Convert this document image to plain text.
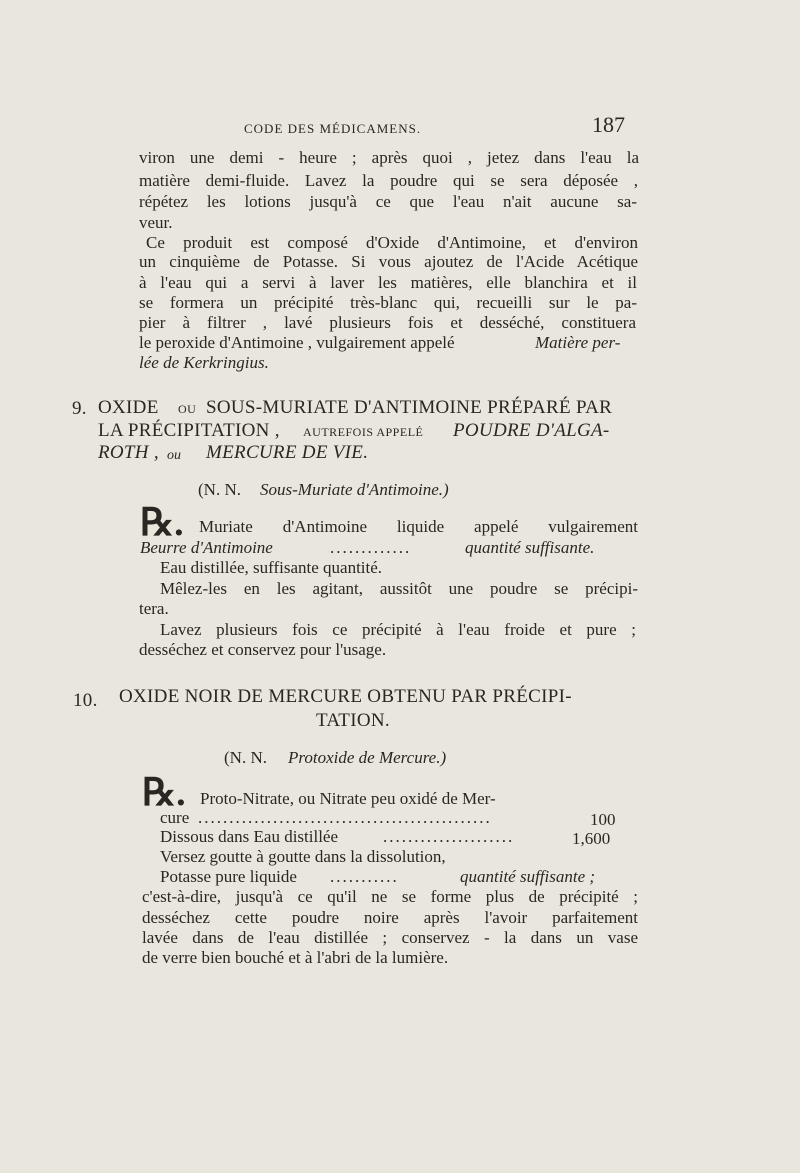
CODE DES MÉDICAMENS.	187
viron une demi - heure ; après quoi , jetez dans l'eau la
matière demi-fluide. Lavez la poudre qui se sera déposée ,
répétez les lotions jusqu'à ce que l'eau n'ait aucune sa-
veur.
Ce produit est composé d'Oxide d'Antimoine, et d'environ
un cinquième de Potasse. Si vous ajoutez de l'Acide Acétique
à l'eau qui a servi à laver les matières, elle blanchira et il
se formera un précipité très-blanc qui, recueilli sur le pa-
pier à filtrer , lavé plusieurs fois et desséché, constituera
le peroxide d'Antimoine , vulgairement appelé	Matière per-
lée de Kerkringius.
9. OXIDE OU SOUS-MURIATE D'ANTIMOINE PRÉPARÉ PAR
LA PRÉCIPITATION , AUTREFOIS APPELÉ POUDRE D'ALGA-
ROTH , ou MERCURE DE VIE.
(N. N. Sous-Muriate d'Antimoine.)
℞. Muriate d'Antimoine liquide appelé vulgairement
Beurre d'Antimoine	.............	quantité suffisante.
Eau distillée, suffisante quantité.
Mêlez-les en les agitant, aussitôt une poudre se précipi-
tera.
Lavez plusieurs fois ce précipité à l'eau froide et pure ;
desséchez et conservez pour l'usage.
10. OXIDE NOIR DE MERCURE OBTENU PAR PRÉCIPI-
TATION.
(N. N. Protoxide de Mercure.)
℞. Proto-Nitrate, ou Nitrate peu oxidé de Mer-
cure ...............................................	100
Dissous dans Eau distillée	.....................	1,600
Versez goutte à goutte dans la dissolution,
Potasse pure liquide ...........	quantité suffisante ;
c'est-à-dire, jusqu'à ce qu'il ne se forme plus de précipité ;
desséchez cette poudre noire après l'avoir parfaitement
lavée dans de l'eau distillée ; conservez - la dans un vase
de verre bien bouché et à l'abri de la lumière.
